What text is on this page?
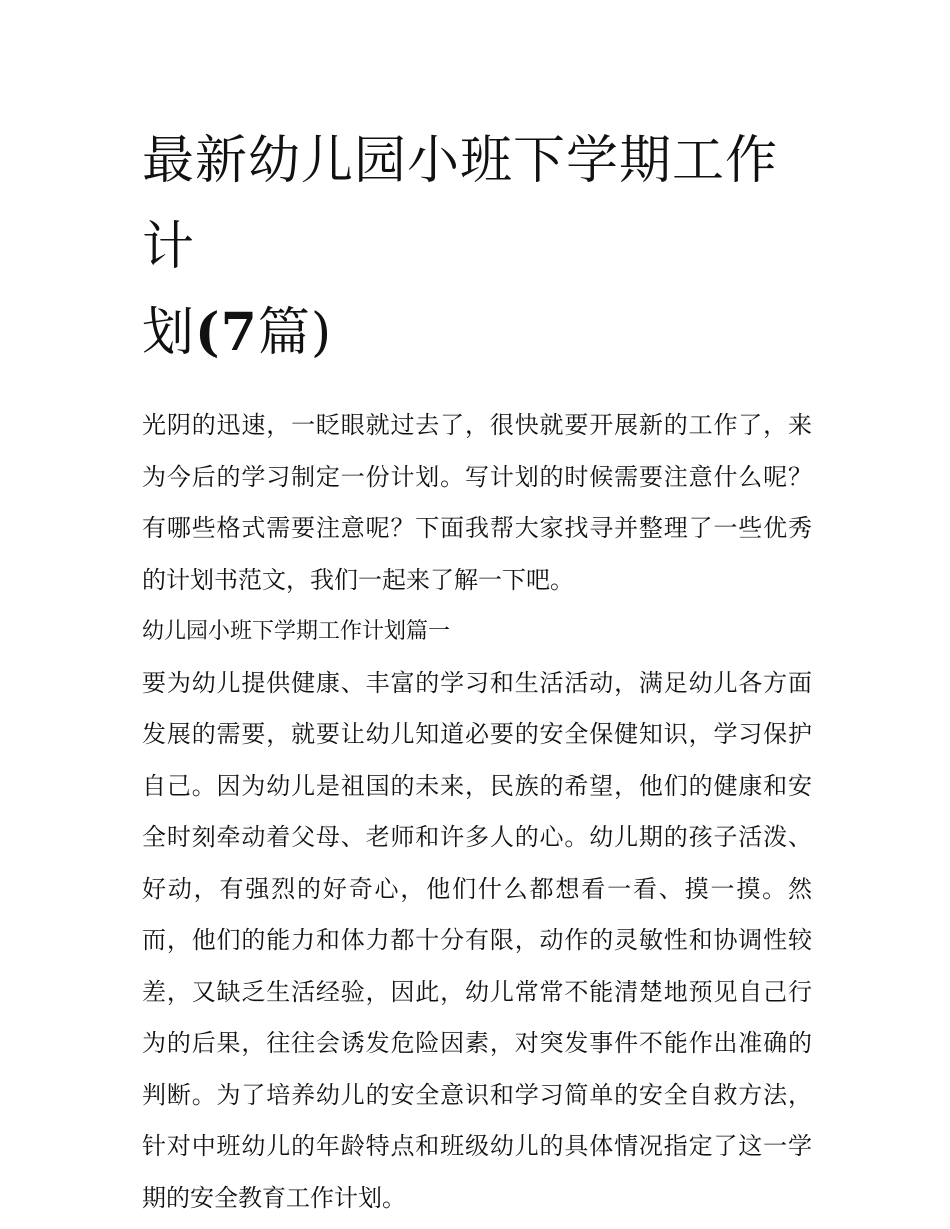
最新幼儿园小班下学期工作计
划(7篇)

光阴的迅速，一眨眼就过去了，很快就要开展新的工作了，来为今后的学习制定一份计划。写计划的时候需要注意什么呢？有哪些格式需要注意呢？下面我帮大家找寻并整理了一些优秀的计划书范文，我们一起来了解一下吧。

幼儿园小班下学期工作计划篇一

要为幼儿提供健康、丰富的学习和生活活动，满足幼儿各方面发展的需要，就要让幼儿知道必要的安全保健知识，学习保护自己。因为幼儿是祖国的未来，民族的希望，他们的健康和安全时刻牵动着父母、老师和许多人的心。幼儿期的孩子活泼、好动，有强烈的好奇心，他们什么都想看一看、摸一摸。然而，他们的能力和体力都十分有限，动作的灵敏性和协调性较差，又缺乏生活经验，因此，幼儿常常不能清楚地预见自己行为的后果，往往会诱发危险因素，对突发事件不能作出准确的判断。为了培养幼儿的安全意识和学习简单的安全自救方法，针对中班幼儿的年龄特点和班级幼儿的具体情况指定了这一学期的安全教育工作计划。
